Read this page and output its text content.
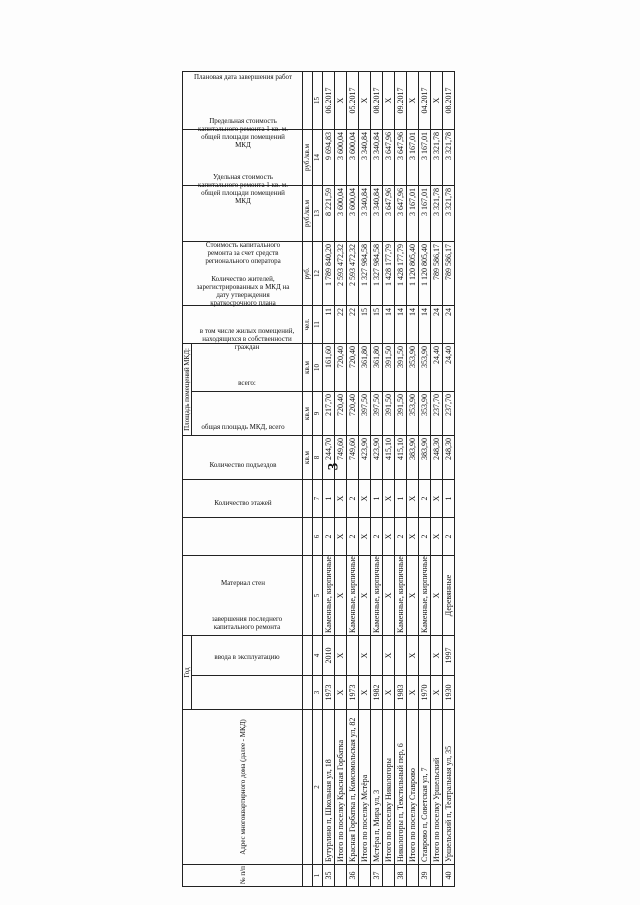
№ п/п	Адрес многоквартирного дома (далее - МКД)	Год		Материал стен	Количество этажей	Количество подъездов	общая площадь МКД, всего	Площадь помещений МКД:		Количество жителей, зарегистрированных в МКД на дату утверждения краткосрочного плана	Стоимость капитального ремонта за счет средств регионального оператора	Удельная стоимость капитального ремонта 1 кв. м. общей площади помещений МКД	Предельная стоимость капитального ремонта 1 кв. м. общей площади помещений МКД	Плановая дата завершения работ
		ввода в эксплуатацию	завершения последнего капитального ремонта					всего:	в том числе жилых помещений, находящихся в собственности граждан					
							кв.м	кв.м	кв.м	чел.	руб.	руб./кв.м	руб./кв.м	
1	2	3	4	5	6	7	8	9	10	11	12	13	14	15
35	Бутурлино п, Школьная ул, 18	1973	2010	Каменные, кирпичные	2	1	244,70	217,70	161,60	11	1 789 840,20	8 221,59	9 694,83	06.2017
	Итого по поселку Красная Горбатка	X	X	X	X	X	749,60	720,40	720,40	22	2 593 472,32	3 600,04	3 600,04	X
36	Красная Горбатка п, Комсомольская ул, 82	1973		Каменные, кирпичные	2	2	749,60	720,40	720,40	22	2 593 472,32	3 600,04	3 600,04	05.2017
	Итого по поселку Мстёра	X	X	X	X	X	423,90	397,50	361,80	15	1 327 984,58	3 340,84	3 340,84	X
37	Мстёра п, Мира ул, 3	1982		Каменные, кирпичные	2	1	423,90	397,50	361,80	15	1 327 984,58	3 340,84	3 340,84	08.2017
	Итого по поселку Никологоры	X	X	X	X	X	415,10	391,50	391,50	14	1 428 177,79	3 647,96	3 647,96	X
38	Никологоры п, Текстильный пер, 6	1983		Каменные, кирпичные	2	1	415,10	391,50	391,50	14	1 428 177,79	3 647,96	3 647,96	09.2017
	Итого по поселку Ставрово	X	X	X	X	X	383,90	353,90	353,90	14	1 120 805,40	3 167,01	3 167,01	X
39	Ставрово п, Советская ул, 7	1970		Каменные, кирпичные	2	2	383,90	353,90	353,90	14	1 120 805,40	3 167,01	3 167,01	04.2017
	Итого по поселку Уршельский	X	X	X	X	X	248,30	237,70	24,40	24	789 586,17	3 321,78	3 321,78	X
40	Уршельский п, Театральная ул, 35	1930	1997	Деревянные	2	1	248,30	237,70	24,40	24	789 586,17	3 321,78	3 321,78	08.2017
3
